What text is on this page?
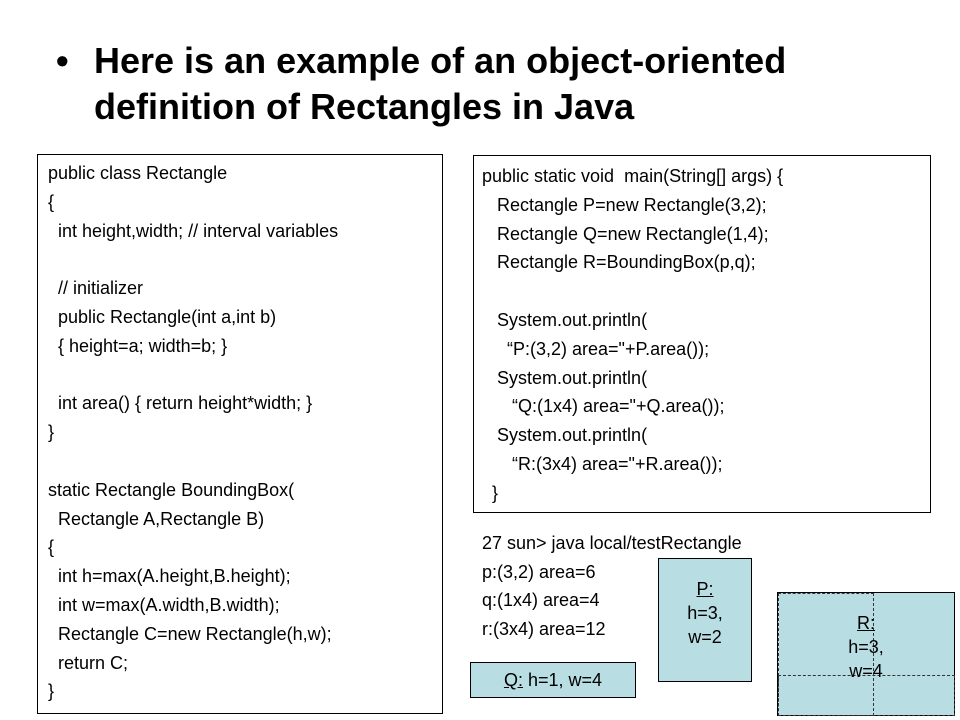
• Here is an example of an object-oriented definition of Rectangles in Java
public class Rectangle
{
int height,width; // interval variables
// initializer
public Rectangle(int a,int b)
{ height=a; width=b; }
int area() { return height*width; }
}
static Rectangle BoundingBox(
Rectangle A,Rectangle B)
{
int h=max(A.height,B.height);
int w=max(A.width,B.width);
Rectangle C=new Rectangle(h,w);
return C;
}
public static void  main(String[] args) {
Rectangle P=new Rectangle(3,2);
Rectangle Q=new Rectangle(1,4);
Rectangle R=BoundingBox(p,q);
System.out.println(
“P:(3,2) area="+P.area());
System.out.println(
“Q:(1x4) area="+Q.area());
System.out.println(
“R:(3x4) area="+R.area());
}
27 sun> java local/testRectangle
p:(3,2) area=6
q:(1x4) area=4
r:(3x4) area=12
P:
h=3,
w=2
Q: h=1, w=4
R:
h=3,
w=4
